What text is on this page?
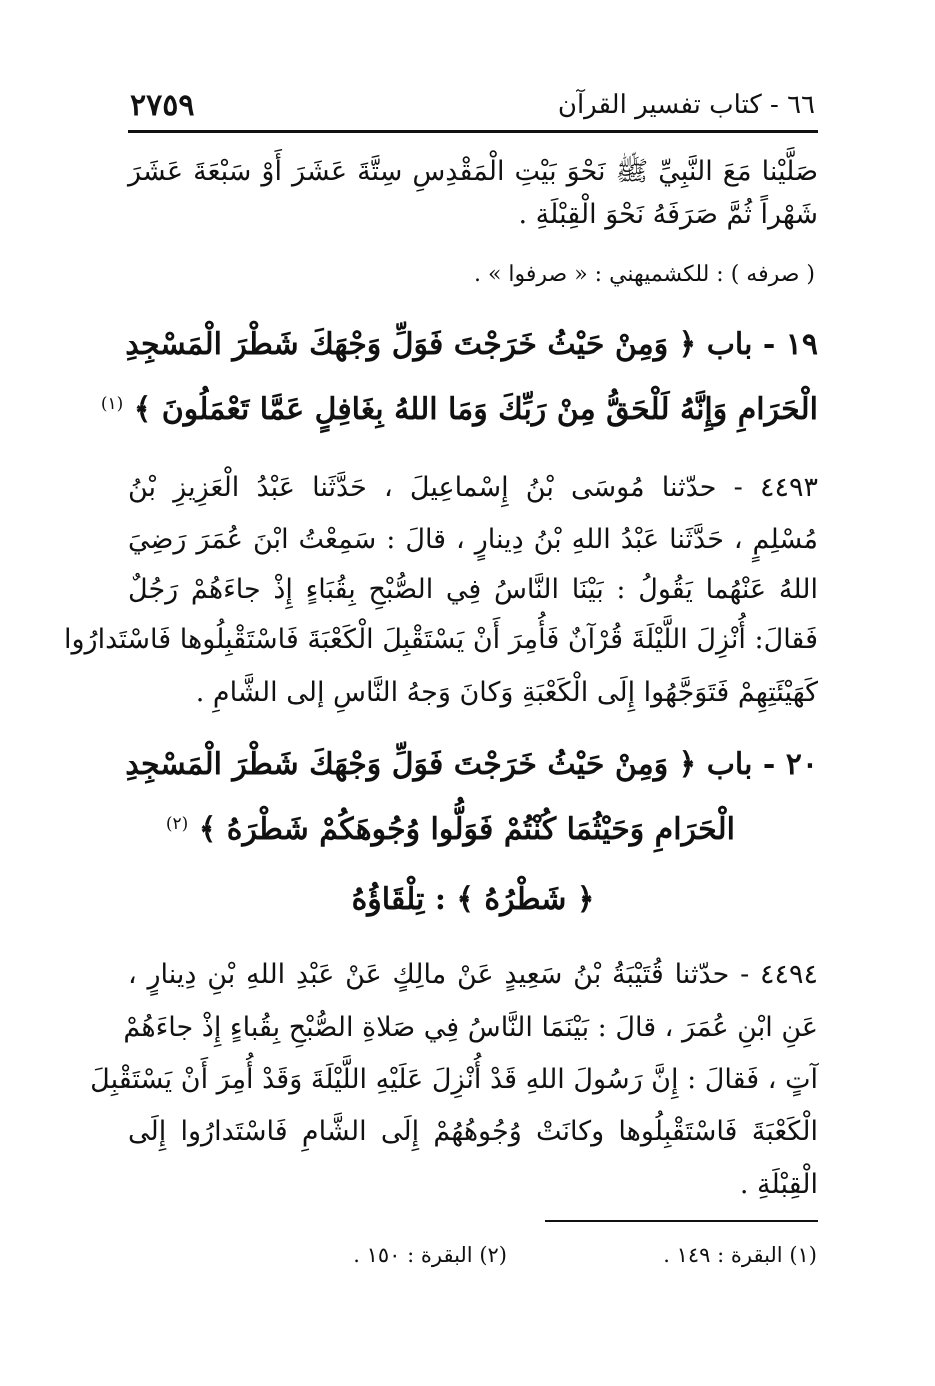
٦٦ - كتاب تفسير القرآن
٢٧٥٩
صَلَّيْنا مَعَ النَّبِيِّ ﷺ نَحْوَ بَيْتِ الْمَقْدِسِ سِتَّةَ عَشَرَ أَوْ سَبْعَةَ عَشَرَ
شَهْراً ثُمَّ صَرَفَهُ نَحْوَ الْقِبْلَةِ .
( صرفه ) : للكشميهني : « صرفوا » .
١٩ - باب ﴿ وَمِنْ حَيْثُ خَرَجْتَ فَوَلِّ وَجْهَكَ شَطْرَ الْمَسْجِدِ
الْحَرَامِ وَإِنَّهُ لَلْحَقُّ مِنْ رَبِّكَ وَمَا اللهُ بِغَافِلٍ عَمَّا تَعْمَلُونَ ﴾ $^{(١)}$
٤٤٩٣ - حدّثنا مُوسَى بْنُ إِسْماعِيلَ ، حَدَّثَنا عَبْدُ الْعَزِيزِ بْنُ
مُسْلِمٍ ، حَدَّثَنا عَبْدُ اللهِ بْنُ دِينارٍ ، قالَ : سَمِعْتُ ابْنَ عُمَرَ رَضِيَ
اللهُ عَنْهُما يَقُولُ : بَيْنَا النَّاسُ فِي الصُّبْحِ بِقُبَاءٍ إِذْ جاءَهُمْ رَجُلٌ
فَقالَ: أُنْزِلَ اللَّيْلَةَ قُرْآنٌ فَأُمِرَ أَنْ يَسْتَقْبِلَ الْكَعْبَةَ فَاسْتَقْبِلُوها فَاسْتَدارُوا
كَهَيْئَتِهِمْ فَتَوَجَّهُوا إِلَى الْكَعْبَةِ وَكانَ وَجهُ النَّاسِ إلى الشَّامِ .
٢٠ - باب ﴿ وَمِنْ حَيْثُ خَرَجْتَ فَوَلِّ وَجْهَكَ شَطْرَ الْمَسْجِدِ
الْحَرَامِ وَحَيْثُمَا كُنْتُمْ فَوَلُّوا وُجُوهَكُمْ شَطْرَهُ ﴾ $^{(٢)}$
﴿ شَطْرُهُ ﴾ : تِلْقَاؤُهُ
٤٤٩٤ - حدّثنا قُتَيْبَةُ بْنُ سَعِيدٍ عَنْ مالِكٍ عَنْ عَبْدِ اللهِ بْنِ دِينارٍ ،
عَنِ ابْنِ عُمَرَ ، قالَ : بَيْنَمَا النَّاسُ فِي صَلاةِ الصُّبْحِ بِقُباءٍ إِذْ جاءَهُمْ
آتٍ ، فَقالَ : إِنَّ رَسُولَ اللهِ قَدْ أُنْزِلَ عَلَيْهِ اللَّيْلَةَ وَقَدْ أُمِرَ أَنْ يَسْتَقْبِلَ
الْكَعْبَةَ فَاسْتَقْبِلُوها وكانَتْ وُجُوهُهُمْ إِلَى الشَّامِ فَاسْتَدارُوا إِلَى
الْقِبْلَةِ .
(١) البقرة : ١٤٩ .
(٢) البقرة : ١٥٠ .
